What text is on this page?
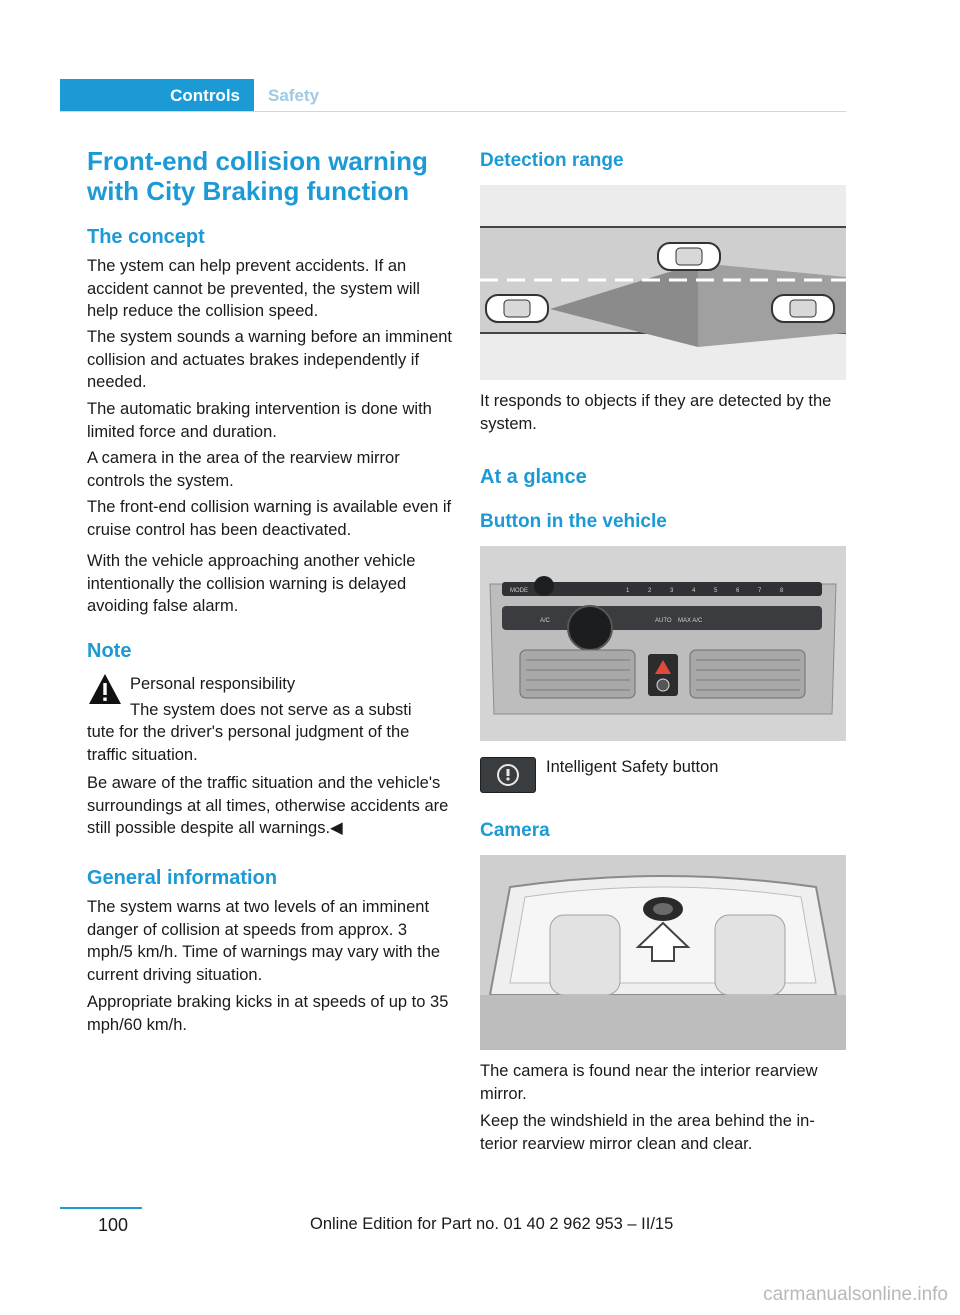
Controls Safety
Front-end collision warning with City Braking function
The concept

The ystem can help prevent accidents. If an accident cannot be prevented, the system will help reduce the collision speed.

The system sounds a warning before an imminent collision and actuates brakes independently if needed.

The automatic braking intervention is done with limited force and duration.

A camera in the area of the rearview mirror controls the system.

The front-end collision warning is available even if cruise control has been deactivated.

With the vehicle approaching another vehicle intentionally the collision warning is delayed avoiding false alarm.

Note

Personal responsibility

The system does not serve as a substi

tute for the driver's personal judgment of the traffic situation.

Be aware of the traffic situation and the vehicle's surroundings at all times, otherwise accidents are still possible despite all warnings.◀

General information

The system warns at two levels of an imminent danger of collision at speeds from approx. 3 mph/5 km/h. Time of warnings may vary with the current driving situation.

Appropriate braking kicks in at speeds of up to 35 mph/60 km/h.

Detection range

It responds to objects if they are detected by the system.

At a glance
Button in the vehicle
MODE	1	2	3	4	5	6	7	8
A/C	AUTO MAX A/C

Intelligent Safety button

Camera

The camera is found near the interior rearview mirror.

Keep the windshield in the area behind the interior rearview mirror clean and clear.

100	Online Edition for Part no. 01 40 2 962 953 – II/15
carmanualsonline.info
